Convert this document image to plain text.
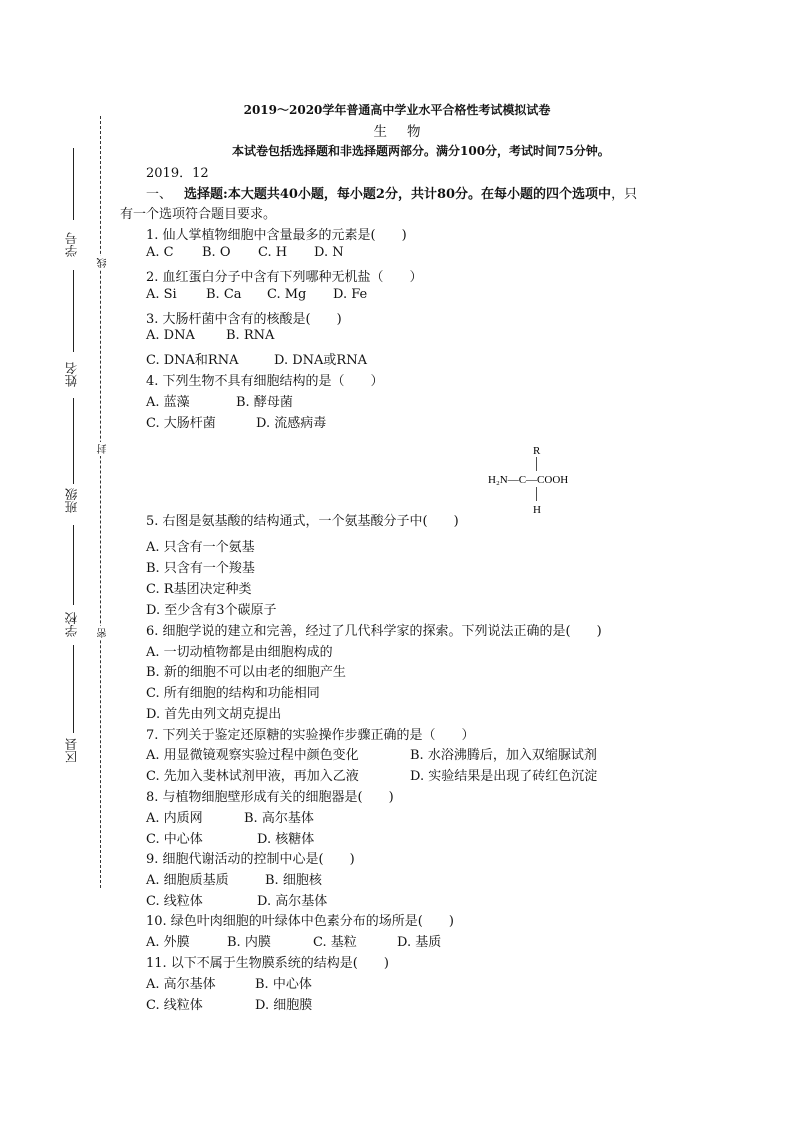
2019～2020学年普通高中学业水平合格性考试模拟试卷
生 物
本试卷包括选择题和非选择题两部分。满分100分，考试时间75分钟。
2019．12
一、 选择题:本大题共40小题，每小题2分，共计80分。在每小题的四个选项中，只
有一个选项符合题目要求。
学号
姓名
班级
学校
区县
线
封
密
R
H₂N—C—COOH
H
1. 仙人掌植物细胞中含量最多的元素是(　　)
A. C B. O C. H D. N
2. 血红蛋白分子中含有下列哪种无机盐（　　）
A. Si B. Ca C. Mg D. Fe
3. 大肠杆菌中含有的核酸是(　　)
A. DNA B. RNA
C. DNA和RNA	D. DNA或RNA
4. 下列生物不具有细胞结构的是（　　）
A. 蓝藻	B. 酵母菌
C. 大肠杆菌	D. 流感病毒
5. 右图是氨基酸的结构通式，一个氨基酸分子中(　　)
A. 只含有一个氨基
B. 只含有一个羧基
C. R基团决定种类
D. 至少含有3个碳原子
6. 细胞学说的建立和完善，经过了几代科学家的探索。下列说法正确的是(　　)
A. 一切动植物都是由细胞构成的
B. 新的细胞不可以由老的细胞产生
C. 所有细胞的结构和功能相同
D. 首先由列文胡克提出
7. 下列关于鉴定还原糖的实验操作步骤正确的是（　　）
A. 用显微镜观察实验过程中颜色变化	B. 水浴沸腾后，加入双缩脲试剂
C. 先加入斐林试剂甲液，再加入乙液	D. 实验结果是出现了砖红色沉淀
8. 与植物细胞壁形成有关的细胞器是(　　)
A. 内质网	B. 高尔基体
C. 中心体	D. 核糖体
9. 细胞代谢活动的控制中心是(　　)
A. 细胞质基质	B. 细胞核
C. 线粒体	D. 高尔基体
10. 绿色叶肉细胞的叶绿体中色素分布的场所是(　　)
A. 外膜	B. 内膜	C. 基粒	D. 基质
11. 以下不属于生物膜系统的结构是(　　)
A. 高尔基体	B. 中心体
C. 线粒体	D. 细胞膜
